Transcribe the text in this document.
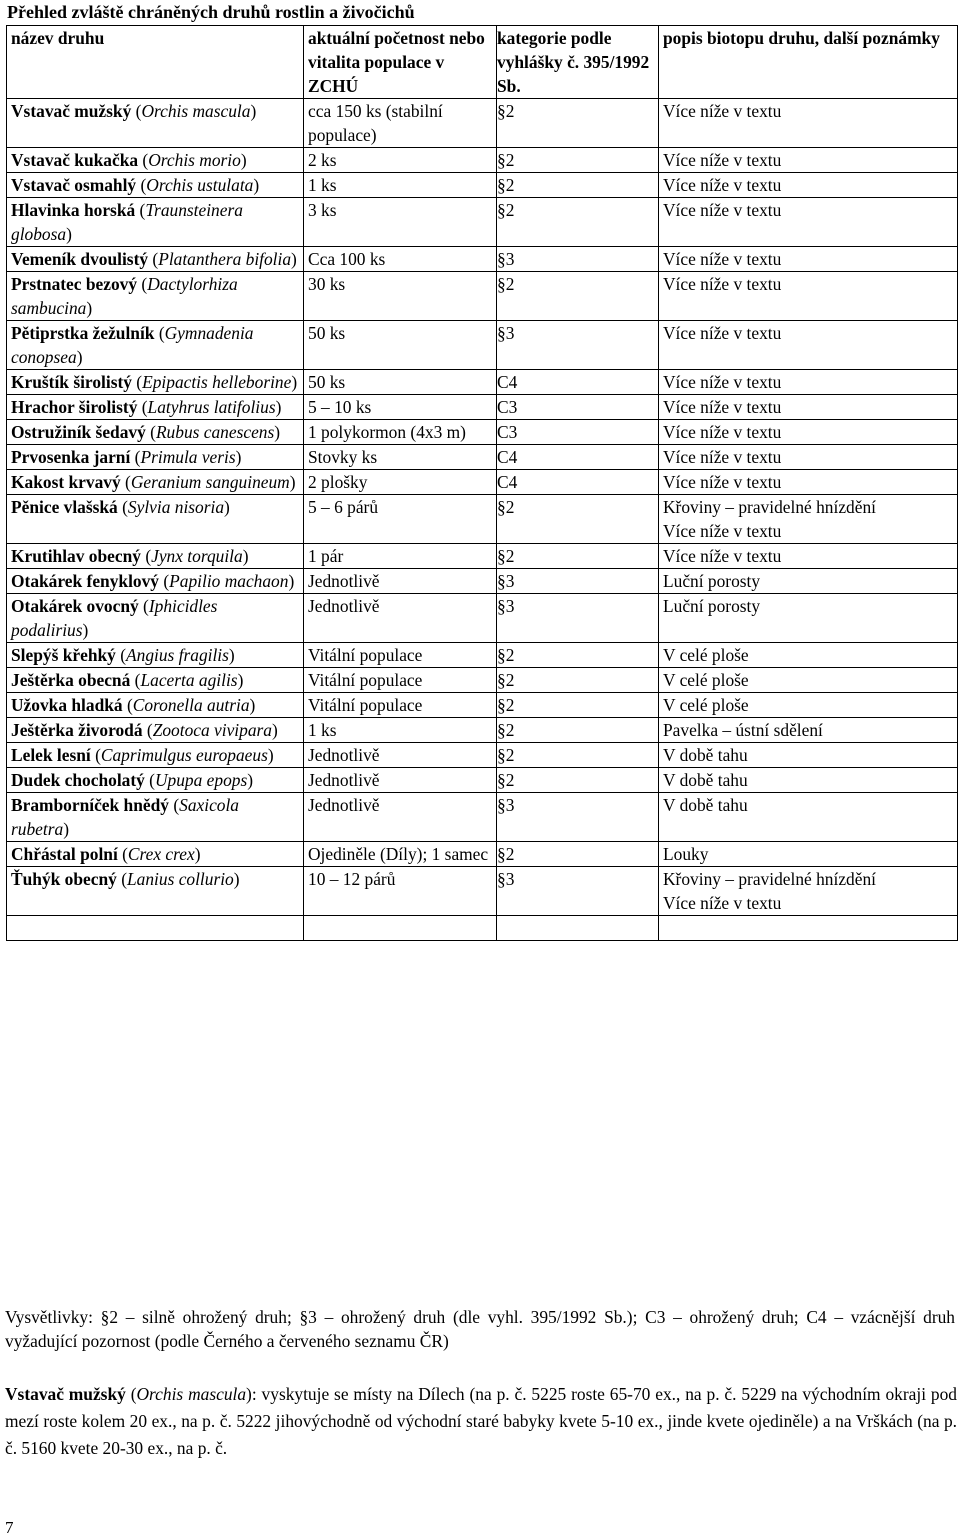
Přehled zvláště chráněných druhů rostlin a živočichů
název druhu	aktuální početnost nebo vitalita populace v ZCHÚ	kategorie podle vyhlášky č. 395/1992 Sb.	popis biotopu druhu, další poznámky
Vstavač mužský (Orchis mascula)	cca 150 ks (stabilní populace)	§2	Více níže v textu

Vstavač kukačka (Orchis morio)	2 ks	§2	Více níže v textu

Vstavač osmahlý (Orchis ustulata)	1 ks	§2	Více níže v textu

Hlavinka horská (Traunsteinera globosa)	3 ks	§2	Více níže v textu

Vemeník dvoulistý (Platanthera bifolia)	Cca 100 ks	§3	Více níže v textu

Prstnatec bezový (Dactylorhiza sambucina)	30 ks	§2	Více níže v textu

Pětiprstka žežulník (Gymnadenia conopsea)	50 ks	§3	Více níže v textu

Kruštík širolistý (Epipactis helleborine)	50 ks	C4	Více níže v textu

Hrachor širolistý (Latyhrus latifolius)	5 – 10 ks	C3	Více níže v textu

Ostružiník šedavý (Rubus canescens)	1 polykormon (4x3 m)	C3	Více níže v textu

Prvosenka jarní (Primula veris)	Stovky ks	C4	Více níže v textu

Kakost krvavý (Geranium sanguineum)	2 plošky	C4	Více níže v textu

Pěnice vlašská (Sylvia nisoria)	5 – 6 párů	§2	Křoviny – pravidelné hnízdění
Více níže v textu

Krutihlav obecný (Jynx torquila)	1 pár	§2	Více níže v textu

Otakárek fenyklový (Papilio machaon)	Jednotlivě	§3	Luční porosty

Otakárek ovocný (Iphicidles podalirius)	Jednotlivě	§3	Luční porosty

Slepýš křehký (Angius fragilis)	Vitální populace	§2	V celé ploše

Ještěrka obecná (Lacerta agilis)	Vitální populace	§2	V celé ploše

Užovka hladká (Coronella autria)	Vitální populace	§2	V celé ploše

Ještěrka živorodá (Zootoca vivipara)	1 ks	§2	Pavelka – ústní sdělení

Lelek lesní (Caprimulgus europaeus)	Jednotlivě	§2	V době tahu

Dudek chocholatý (Upupa epops)	Jednotlivě	§2	V době tahu

Bramborníček hnědý (Saxicola rubetra)	Jednotlivě	§3	V době tahu

Chřástal polní (Crex crex)	Ojediněle (Díly); 1 samec	§2	Louky

Ťuhýk obecný (Lanius collurio)	10 – 12 párů	§3	Křoviny – pravidelné hnízdění
Více níže v textu

Vysvětlivky: §2 – silně ohrožený druh; §3 – ohrožený druh (dle vyhl. 395/1992 Sb.); C3 – ohrožený druh; C4 – vzácnější druh vyžadující pozornost (podle Černého a červeného seznamu ČR)
Vstavač mužský (Orchis mascula): vyskytuje se místy na Dílech (na p. č. 5225 roste 65-70 ex., na p. č. 5229 na východním okraji pod mezí roste kolem 20 ex., na p. č. 5222 jihovýchodně od východní staré babyky kvete 5-10 ex., jinde kvete ojediněle) a na Vrškách (na p. č. 5160 kvete 20-30 ex., na p. č.
7
